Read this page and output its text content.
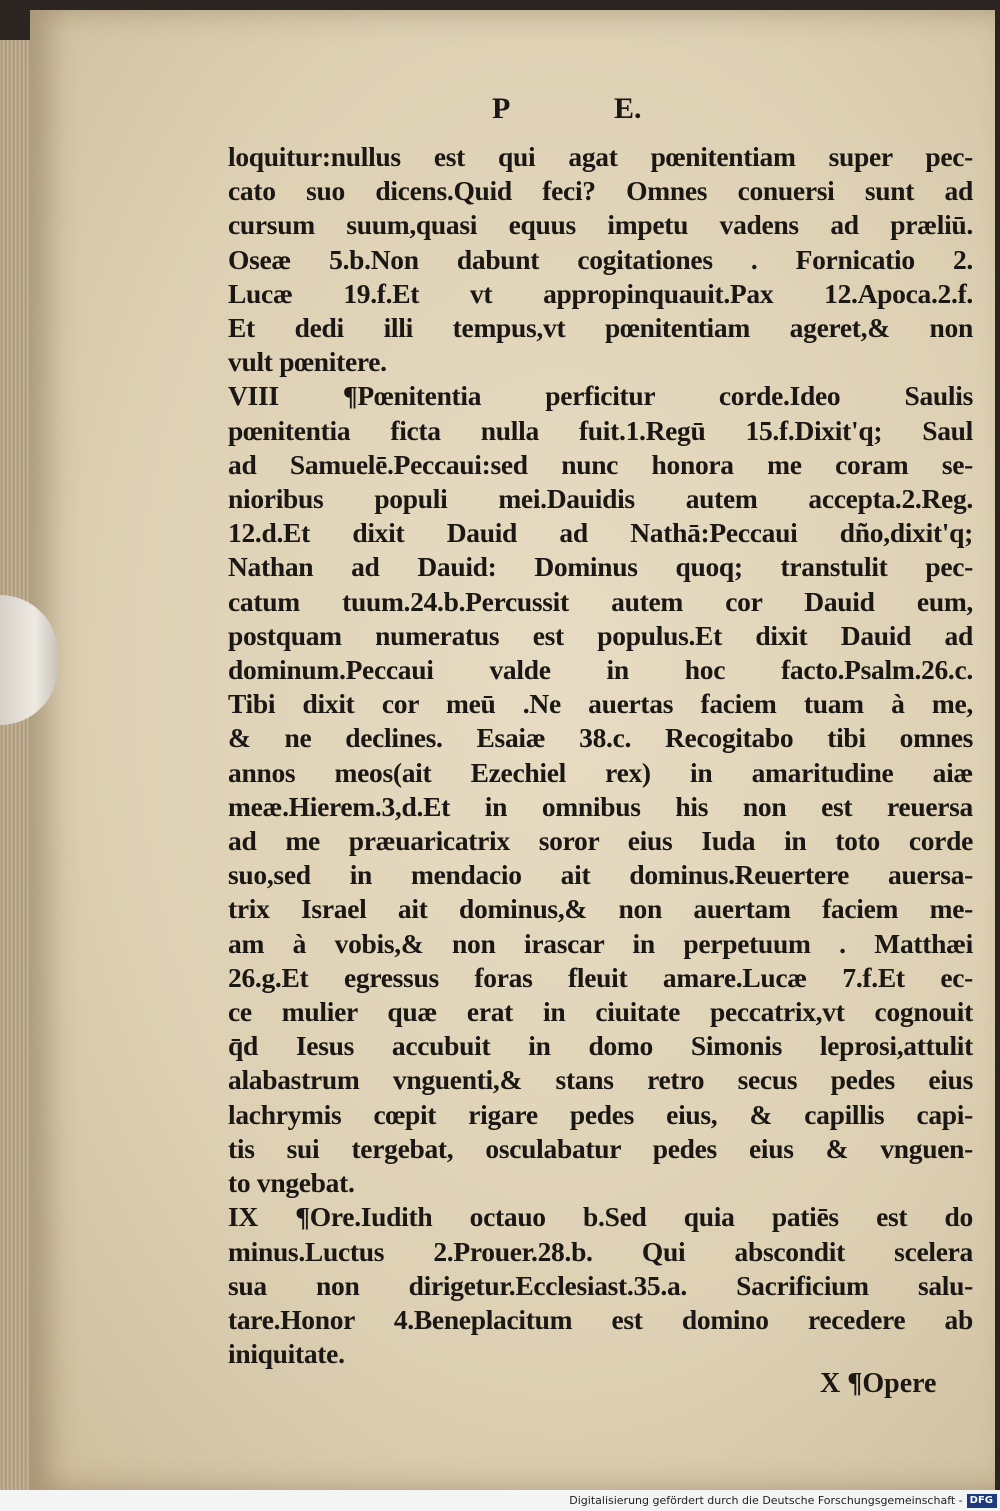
P	E.
loquitur:nullus est qui agat pœnitentiam super pec-
cato suo dicens.Quid feci? Omnes conuersi sunt ad
cursum suum,quasi equus impetu vadens ad præliū.
Oseæ 5.b.Non dabunt cogitationes . Fornicatio 2.
Lucæ 19.f.Et vt appropinquauit.Pax 12.Apoca.2.f.
Et dedi illi tempus,vt pœnitentiam ageret,& non
vult pœnitere.
VIII ¶Pœnitentia perficitur corde.Ideo Saulis
pœnitentia ficta nulla fuit.1.Regū 15.f.Dixit'q; Saul
ad Samuelē.Peccaui:sed nunc honora me coram se-
nioribus populi mei.Dauidis autem accepta.2.Reg.
12.d.Et dixit Dauid ad Nathā:Peccaui dño,dixit'q;
Nathan ad Dauid: Dominus quoq; transtulit pec-
catum tuum.24.b.Percussit autem cor Dauid eum,
postquam numeratus est populus.Et dixit Dauid ad
dominum.Peccaui valde in hoc facto.Psalm.26.c.
Tibi dixit cor meū .Ne auertas faciem tuam à me,
& ne declines. Esaiæ 38.c. Recogitabo tibi omnes
annos meos(ait Ezechiel rex) in amaritudine aiæ
meæ.Hierem.3,d.Et in omnibus his non est reuersa
ad me præuaricatrix soror eius Iuda in toto corde
suo,sed in mendacio ait dominus.Reuertere auersa-
trix Israel ait dominus,& non auertam faciem me-
am à vobis,& non irascar in perpetuum . Matthæi
26.g.Et egressus foras fleuit amare.Lucæ 7.f.Et ec-
ce mulier quæ erat in ciuitate peccatrix,vt cognouit
q̄d Iesus accubuit in domo Simonis leprosi,attulit
alabastrum vnguenti,& stans retro secus pedes eius
lachrymis cœpit rigare pedes eius, & capillis capi-
tis sui tergebat, osculabatur pedes eius & vnguen-
to vngebat.
IX ¶Ore.Iudith octauo b.Sed quia patiēs est do
minus.Luctus 2.Prouer.28.b. Qui abscondit scelera
sua non dirigetur.Ecclesiast.35.a. Sacrificium salu-
tare.Honor 4.Beneplacitum est domino recedere ab
iniquitate.
X ¶Opere
Digitalisierung gefördert durch die Deutsche Forschungsgemeinschaft - DFG
